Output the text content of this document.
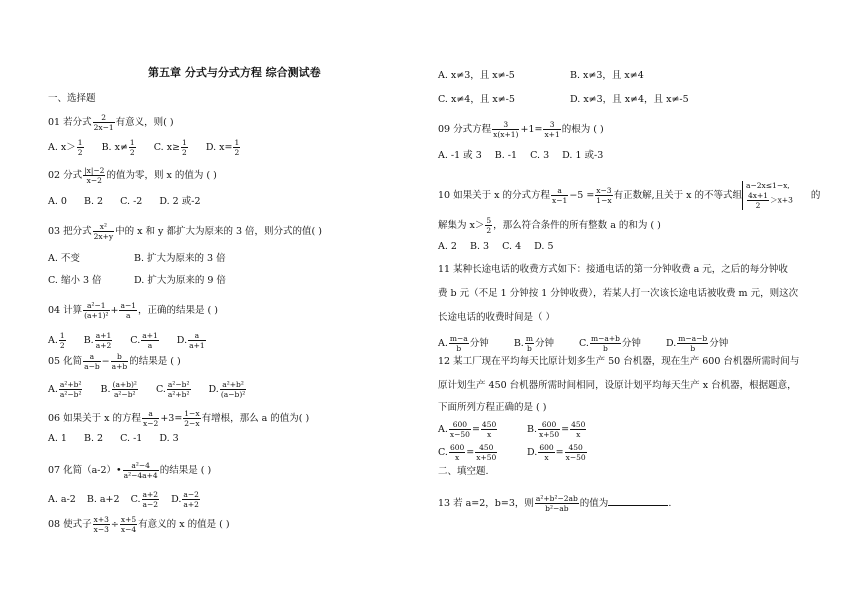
第五章 分式与分式方程 综合测试卷
一、选择题
01 若分式 $\frac{2}{2x-1}$ 有意义，则( )
A. $x> \frac{1}{2} B$. $x\ne \frac{1}{2} C$. $x\ge \frac{1}{2} D$. $x= \frac{1}{2}$
02 分式 $\frac{|x|-2}{x-2}$ 的值为零，则 x 的值为 ( )
A. 0 B. 2 C. -2 D. 2 或-2
03 把分式 $\frac{\text{x²}}{2x+y}$ 中的 x 和 y 都扩大为原来的 3 倍，则分式的值( )
A. 不变	B. 扩大为原来的 3 倍
C. 缩小 3 倍	D. 扩大为原来的 9 倍
04 计算 $\frac{\text{a²−1}}{\text{(a+1)²}} + \frac{a-1}{a}$ ，正确的结果是 ( )
A. $\frac{1}{2} B$. $\frac{a+1}{a+2} C$. $\frac{a+1}{a} D$. $\frac{a}{a+1}$
05 化简 $\frac{a}{a-b} - \frac{b}{a+b}$ 的结果是 ( )
A. $\frac{\text{a²+b²}}{\text{a²−b²}} B$. $\frac{\text{(a+b)²}}{\text{a²−b²}} C$. $\frac{\text{a²−b²}}{\text{a²+b²}} D$. $\frac{\text{a²+b²}}{\text{(a−b)²}}$
06 如果关于 x 的方程 $\frac{a}{x-2} +3= \frac{1-x}{2-x}$ 有增根，那么 a 的值为( )
A. 1 B. 2 C. -1 D. 3
07 化简（a-2）• $\frac{\text{a²−4}}{\text{a²−4a+4}}$ 的结果是 ( )
A. a-2 B. a+2 C. $\frac{a+2}{a-2} D$. $\frac{a-2}{a+2}$
08 使式子 $\frac{x+3}{x-3} \div \frac{x+5}{x-4}$ 有意义的 x 的值是 ( )
A. x≠3，且 x≠-5	B. x≠3，且 x≠4
C. x≠4，且 x≠-5	D. x≠3，且 x≠4，且 x≠-5
09 分式方程 $\frac{3}{x(x+1)} +1= \frac{3}{x+1}$ 的根为 ( )
A. -1 或 3 B. -1 C. 3 D. 1 或-3
10 如果关于 x 的分式方程 $\frac{a}{x-1} -5 = \frac{x-3}{1-x}$ 有正数解,且关于 x 的不等式组
a−2x≤1−x,
$\frac{4x+1}{2} >x+3$ 的
解集为 $x> \frac{5}{2}$ ，那么符合条件的所有整数 a 的和为 ( )
A. 2 B. 3 C. 4 D. 5
11 某种长途电话的收费方式如下：接通电话的第一分钟收费 a 元，之后的每分钟收
费 b 元（不足 1 分钟按 1 分钟收费），若某人打一次该长途电话被收费 m 元，则这次
长途电话的收费时间是（ ）
A. $\frac{m-a}{b}$ 分钟	B. $\frac{m}{b}$ 分钟	C. $\frac{m-a+b}{b}$ 分钟	D. $\frac{m-a-b}{b}$ 分钟
12 某工厂现在平均每天比原计划多生产 50 台机器，现在生产 600 台机器所需时间与
原计划生产 450 台机器所需时间相同，设原计划平均每天生产 x 台机器，根据题意，
下面所列方程正确的是 ( )
A. $\frac{600}{x-50} = \frac{450}{x}$	B. $\frac{600}{x+50} = \frac{450}{x}$
C. $\frac{600}{x} = \frac{450}{x+50}$	D. $\frac{600}{x} = \frac{450}{x-50}$
二、填空题.
13 若 a=2，b=3，则 $\frac{\text{a²+b²−2ab}}{\text{b²−ab}}$ 的值为	.
